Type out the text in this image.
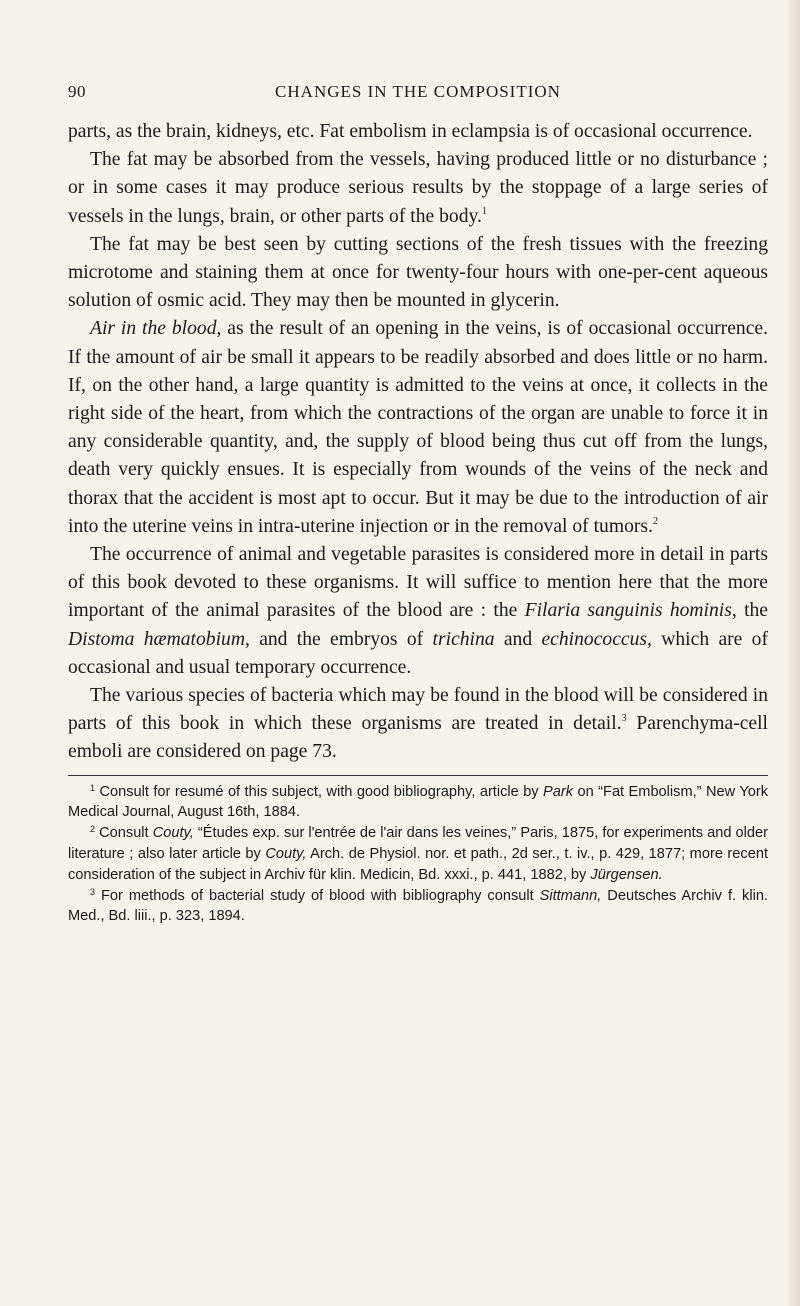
90	CHANGES IN THE COMPOSITION

parts, as the brain, kidneys, etc. Fat embolism in eclampsia is of occasional occurrence.

The fat may be absorbed from the vessels, having produced little or no disturbance ; or in some cases it may produce serious results by the stoppage of a large series of vessels in the lungs, brain, or other parts of the body.$^1$

The fat may be best seen by cutting sections of the fresh tissues with the freezing microtome and staining them at once for twenty-four hours with one-per-cent aqueous solution of osmic acid. They may then be mounted in glycerin.

Air in the blood, as the result of an opening in the veins, is of occasional occurrence. If the amount of air be small it appears to be readily absorbed and does little or no harm. If, on the other hand, a large quantity is admitted to the veins at once, it collects in the right side of the heart, from which the contractions of the organ are unable to force it in any considerable quantity, and, the supply of blood being thus cut off from the lungs, death very quickly ensues. It is especially from wounds of the veins of the neck and thorax that the accident is most apt to occur. But it may be due to the introduction of air into the uterine veins in intra-uterine injection or in the removal of tumors.$^2$

The occurrence of animal and vegetable parasites is considered more in detail in parts of this book devoted to these organisms. It will suffice to mention here that the more important of the animal parasites of the blood are : the Filaria sanguinis hominis, the Distoma hæmatobium, and the embryos of trichina and echinococcus, which are of occasional and usual temporary occurrence.

The various species of bacteria which may be found in the blood will be considered in parts of this book in which these organisms are treated in detail.$^3$ Parenchyma-cell emboli are considered on page 73.

$^1$ Consult for resumé of this subject, with good bibliography, article by Park on “Fat Embolism,” New York Medical Journal, August 16th, 1884.

$^2$ Consult Couty, “Études exp. sur l'entrée de l'air dans les veines,” Paris, 1875, for experiments and older literature ; also later article by Couty, Arch. de Physiol. nor. et path., 2d ser., t. iv., p. 429, 1877; more recent consideration of the subject in Archiv für klin. Medicin, Bd. xxxi., p. 441, 1882, by Jürgensen.

$^3$ For methods of bacterial study of blood with bibliography consult Sittmann, Deutsches Archiv f. klin. Med., Bd. liii., p. 323, 1894.
